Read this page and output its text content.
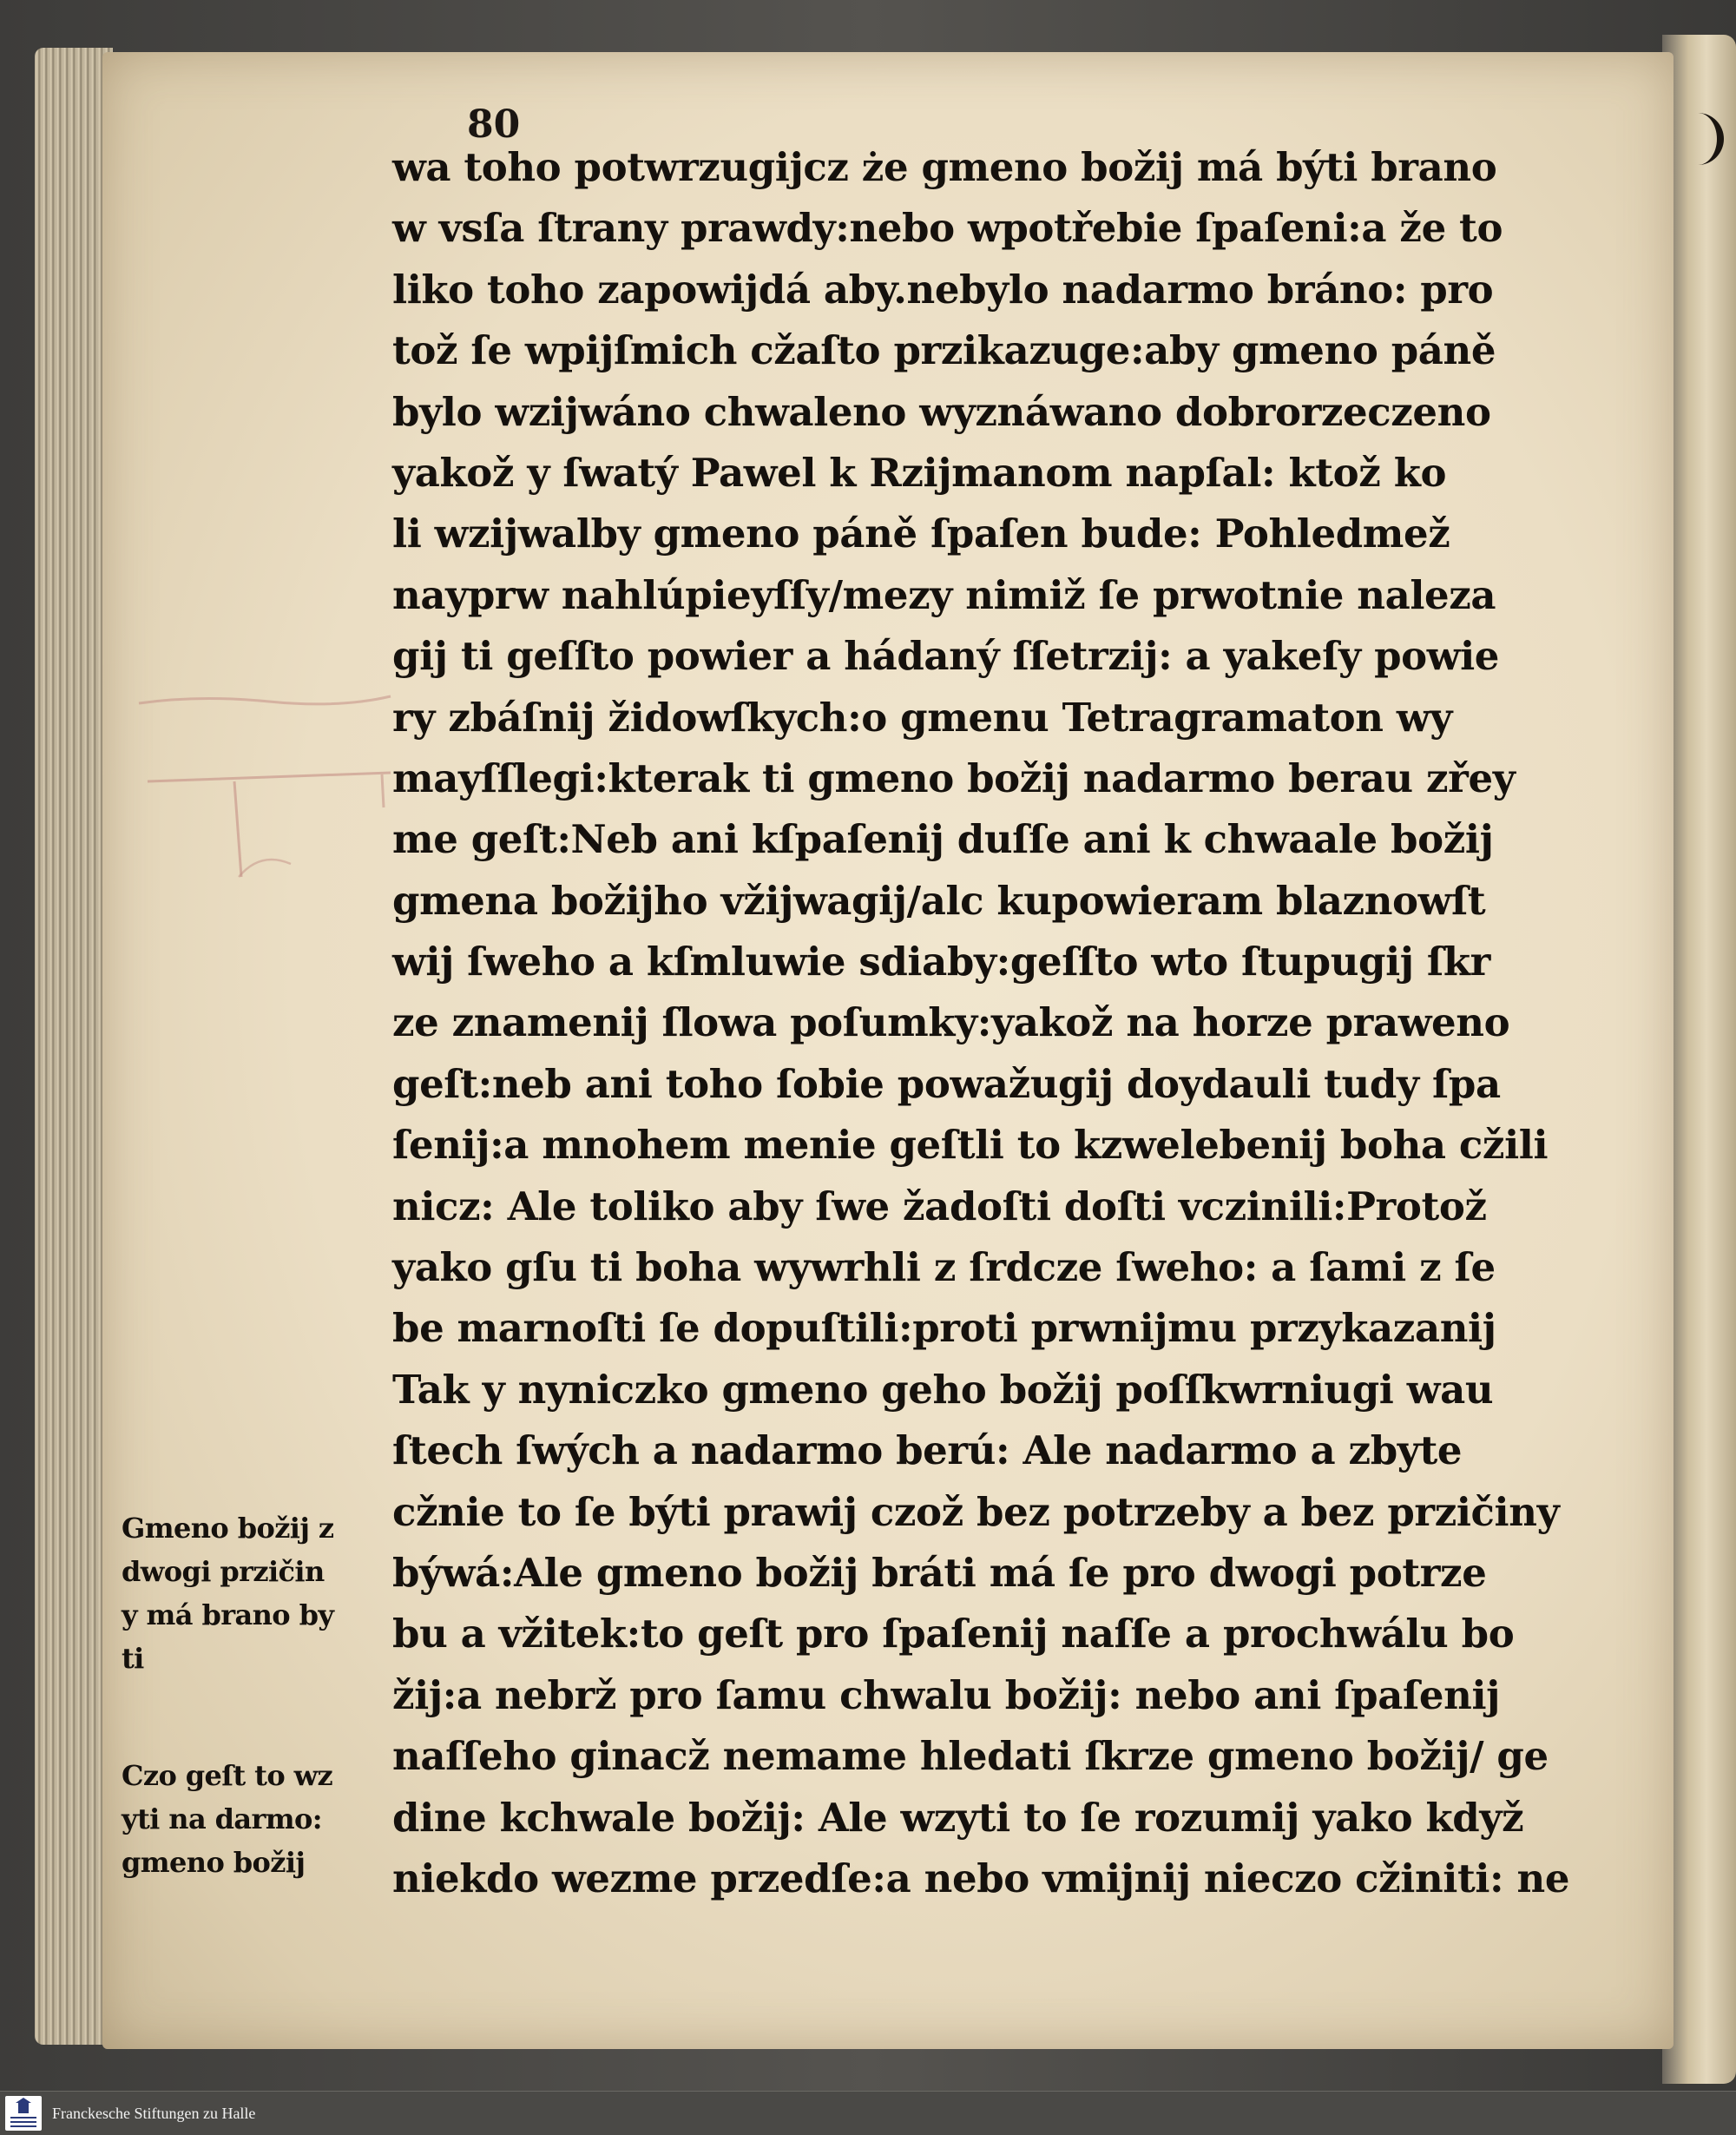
80
wa toho potwrzugijcz że gmeno božij má býti brano
w vsſa ſtrany prawdy:nebo wpotřebie ſpaſeni:a že to
liko toho zapowijdá aby.nebylo nadarmo bráno: pro
tož ſe wpijſmich cžaſto przikazuge:aby gmeno páně
bylo wzijwáno chwaleno wyznáwano dobrorzeczeno
yakož y ſwatý Pawel k Rzijmanom napſal: ktož ko
li wzijwalby gmeno páně ſpaſen bude: Pohledmež
nayprw nahlúpieyſſy/mezy nimiž ſe prwotnie naleza
gij ti geſſto powier a hádaný ſſetrzij: a yakeſy powie
ry zbáſnij židowſkych:o gmenu Tetragramaton wy
mayſſlegi:kterak ti gmeno božij nadarmo berau zřey
me geſt:Neb ani kſpaſenij duſſe ani k chwaale božij
gmena božijho vžijwagij/alc kupowieram blaznowſt
wij ſweho a kſmluwie sdiaby:geſſto wto ſtupugij ſkr
ze znamenij ſlowa poſumky:yakož na horze praweno
geſt:neb ani toho ſobie powažugij doydauli tudy ſpa
ſenij:a mnohem menie geſtli to kzwelebenij boha cžili
nicz: Ale toliko aby ſwe žadoſti doſti vczinili:Protož
yako gſu ti boha wywrhli z ſrdcze ſweho: a ſami z ſe
be marnoſti ſe dopuſtili:proti prwnijmu przykazanij
Tak y nyniczko gmeno geho božij poſſkwrniugi wau
ſtech ſwých a nadarmo berú: Ale nadarmo a zbyte
cžnie to ſe býti prawij czož bez potrzeby a bez przičiny
býwá:Ale gmeno božij bráti má ſe pro dwogi potrze
bu a vžitek:to geſt pro ſpaſenij naſſe a prochwálu bo
žij:a nebrž pro ſamu chwalu božij: nebo ani ſpaſenij
naſſeho ginacž nemame hledati ſkrze gmeno božij/ ge
dine kchwale božij: Ale wzyti to ſe rozumij yako když
niekdo wezme przedſe:a nebo vmijnij nieczo cžiniti: ne
Gmeno božij z
dwogi przičin
y má brano by
ti
Czo geſt to wz
yti na darmo:
gmeno božij
Franckesche Stiftungen zu Halle
